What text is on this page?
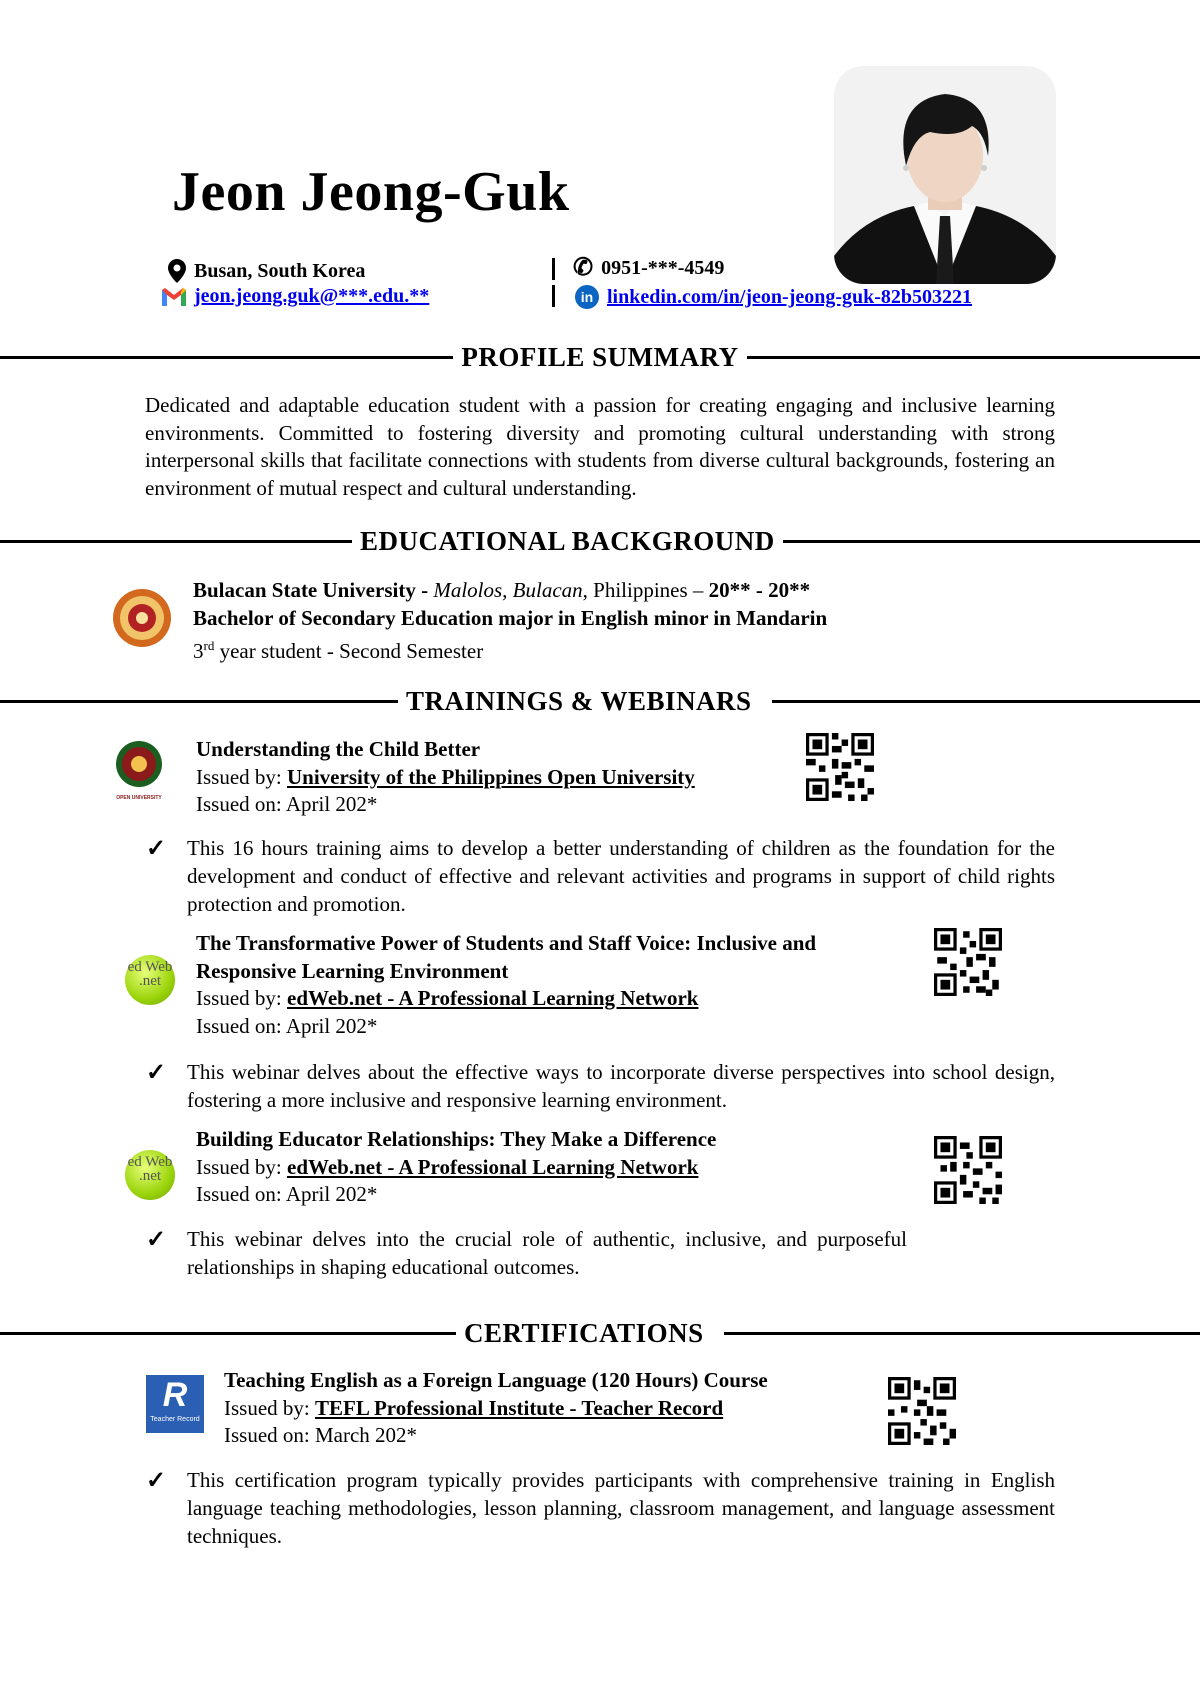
Jeon Jeong-Guk
Busan, South Korea
jeon.jeong.guk@***.edu.**
✆ 0951-***-4549
in linkedin.com/in/jeon-jeong-guk-82b503221
PROFILE SUMMARY
Dedicated and adaptable education student with a passion for creating engaging and inclusive learning environments. Committed to fostering diversity and promoting cultural understanding with strong interpersonal skills that facilitate connections with students from diverse cultural backgrounds, fostering an environment of mutual respect and cultural understanding.
EDUCATIONAL BACKGROUND
Bulacan State University - Malolos, Bulacan, Philippines – 20** - 20**
Bachelor of Secondary Education major in English minor in Mandarin
3rd year student - Second Semester
TRAININGS & WEBINARS
OPEN UNIVERSITY
Understanding the Child Better
Issued by: University of the Philippines Open University
Issued on: April 202*
✓ This 16 hours training aims to develop a better understanding of children as the foundation for the development and conduct of effective and relevant activities and programs in support of child rights protection and promotion.
ed Web .net
The Transformative Power of Students and Staff Voice: Inclusive and
Responsive Learning Environment
Issued by: edWeb.net - A Professional Learning Network
Issued on: April 202*
✓ This webinar delves about the effective ways to incorporate diverse perspectives into school design, fostering a more inclusive and responsive learning environment.
ed Web .net
Building Educator Relationships: They Make a Difference
Issued by: edWeb.net - A Professional Learning Network
Issued on: April 202*
✓ This webinar delves into the crucial role of authentic, inclusive, and purposeful relationships in shaping educational outcomes.
CERTIFICATIONS
R
Teacher Record
Teaching English as a Foreign Language (120 Hours) Course
Issued by: TEFL Professional Institute - Teacher Record
Issued on: March 202*
✓ This certification program typically provides participants with comprehensive training in English language teaching methodologies, lesson planning, classroom management, and language assessment techniques.
